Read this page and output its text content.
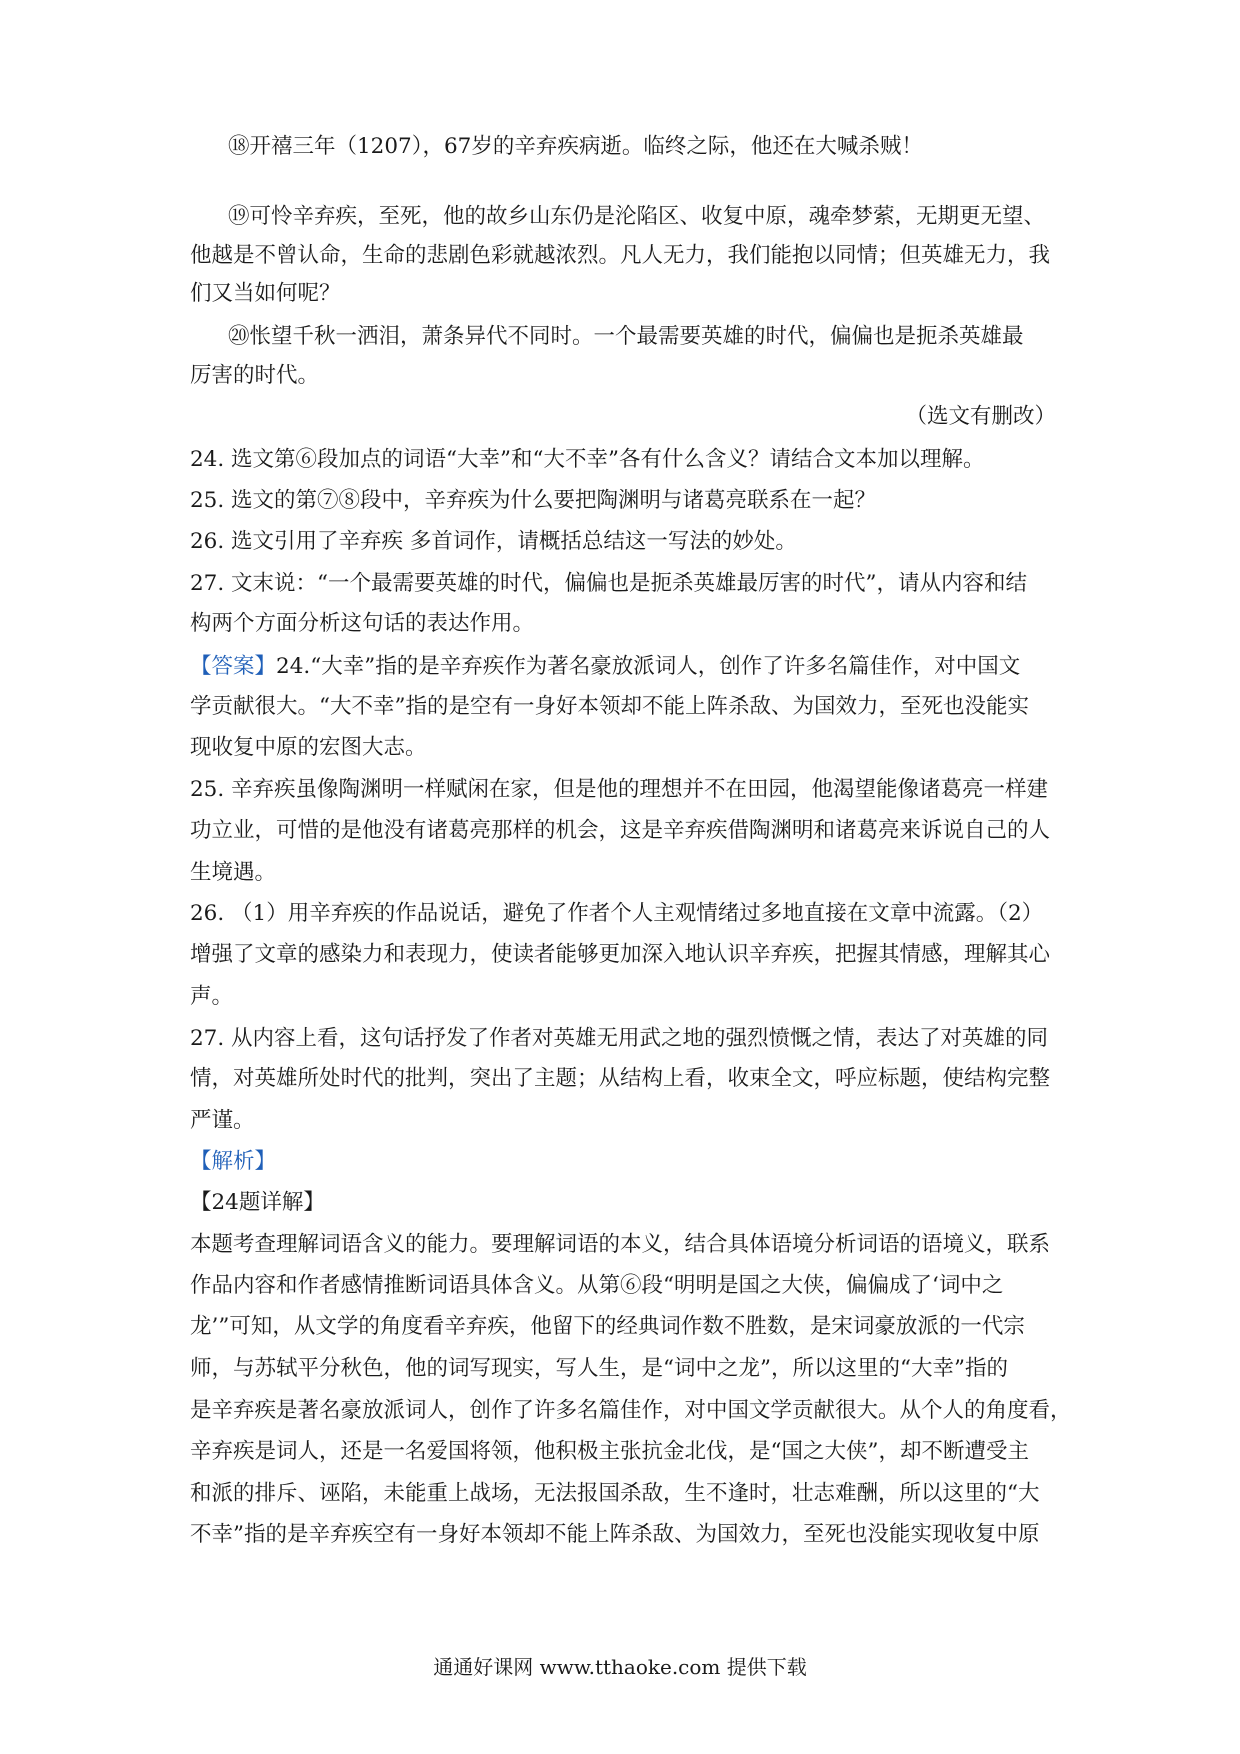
⑱开禧三年（1207），67岁的辛弃疾病逝。临终之际，他还在大喊杀贼！
⑲可怜辛弃疾，至死，他的故乡山东仍是沦陷区、收复中原，魂牵梦萦，无期更无望、
他越是不曾认命，生命的悲剧色彩就越浓烈。凡人无力，我们能抱以同情；但英雄无力，我
们又当如何呢？
⑳怅望千秋一洒泪，萧条异代不同时。一个最需要英雄的时代，偏偏也是扼杀英雄最
厉害的时代。
（选文有删改）
24. 选文第⑥段加点的词语“大幸”和“大不幸”各有什么含义？请结合文本加以理解。
25. 选文的第⑦⑧段中，辛弃疾为什么要把陶渊明与诸葛亮联系在一起？
26. 选文引用了辛弃疾 多首词作，请概括总结这一写法的妙处。
27. 文末说：“一个最需要英雄的时代，偏偏也是扼杀英雄最厉害的时代”，请从内容和结
构两个方面分析这句话的表达作用。
【答案】24.“大幸”指的是辛弃疾作为著名豪放派词人，创作了许多名篇佳作，对中国文
学贡献很大。“大不幸”指的是空有一身好本领却不能上阵杀敌、为国效力，至死也没能实
现收复中原的宏图大志。
25. 辛弃疾虽像陶渊明一样赋闲在家，但是他的理想并不在田园，他渴望能像诸葛亮一样建
功立业，可惜的是他没有诸葛亮那样的机会，这是辛弃疾借陶渊明和诸葛亮来诉说自己的人
生境遇。
26. （1）用辛弃疾的作品说话，避免了作者个人主观情绪过多地直接在文章中流露。（2）
增强了文章的感染力和表现力，使读者能够更加深入地认识辛弃疾，把握其情感，理解其心
声。
27. 从内容上看，这句话抒发了作者对英雄无用武之地的强烈愤慨之情，表达了对英雄的同
情，对英雄所处时代的批判，突出了主题；从结构上看，收束全文，呼应标题，使结构完整
严谨。
【解析】
【24题详解】
本题考查理解词语含义的能力。要理解词语的本义，结合具体语境分析词语的语境义，联系
作品内容和作者感情推断词语具体含义。从第⑥段“明明是国之大侠，偏偏成了‘词中之
龙’”可知，从文学的角度看辛弃疾，他留下的经典词作数不胜数，是宋词豪放派的一代宗
师，与苏轼平分秋色，他的词写现实，写人生，是“词中之龙”，所以这里的“大幸”指的
是辛弃疾是著名豪放派词人，创作了许多名篇佳作，对中国文学贡献很大。从个人的角度看，
辛弃疾是词人，还是一名爱国将领，他积极主张抗金北伐，是“国之大侠”，却不断遭受主
和派的排斥、诬陷，未能重上战场，无法报国杀敌，生不逢时，壮志难酬，所以这里的“大
不幸”指的是辛弃疾空有一身好本领却不能上阵杀敌、为国效力，至死也没能实现收复中原
通通好课网 www.tthaoke.com 提供下载
